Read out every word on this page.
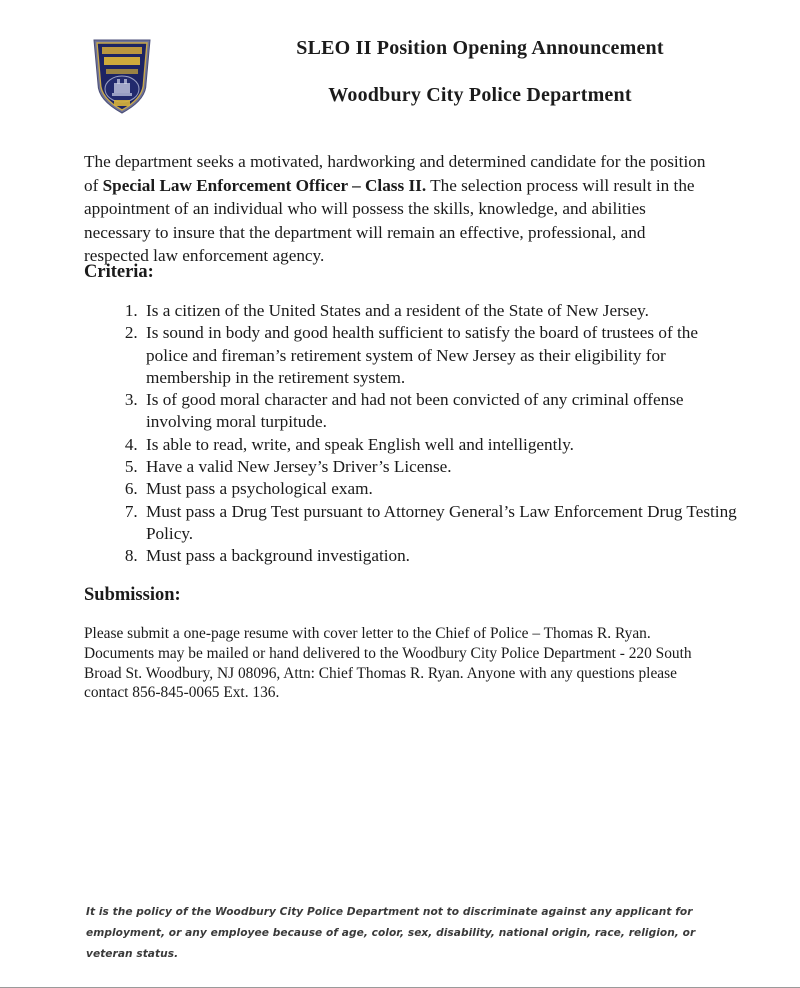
SLEO II Position Opening Announcement
Woodbury City Police Department

The department seeks a motivated, hardworking and determined candidate for the position of Special Law Enforcement Officer – Class II. The selection process will result in the appointment of an individual who will possess the skills, knowledge, and abilities necessary to insure that the department will remain an effective, professional, and respected law enforcement agency.

Criteria:
1. Is a citizen of the United States and a resident of the State of New Jersey.
2. Is sound in body and good health sufficient to satisfy the board of trustees of the police and fireman’s retirement system of New Jersey as their eligibility for membership in the retirement system.
3. Is of good moral character and had not been convicted of any criminal offense involving moral turpitude.
4. Is able to read, write, and speak English well and intelligently.
5. Have a valid New Jersey’s Driver’s License.
6. Must pass a psychological exam.
7. Must pass a Drug Test pursuant to Attorney General’s Law Enforcement Drug Testing Policy.
8. Must pass a background investigation.
Submission:

Please submit a one-page resume with cover letter to the Chief of Police – Thomas R. Ryan. Documents may be mailed or hand delivered to the Woodbury City Police Department - 220 South Broad St. Woodbury, NJ 08096, Attn: Chief Thomas R. Ryan. Anyone with any questions please contact 856-845-0065 Ext. 136.

It is the policy of the Woodbury City Police Department not to discriminate against any applicant for employment, or any employee because of age, color, sex, disability, national origin, race, religion, or veteran status.
